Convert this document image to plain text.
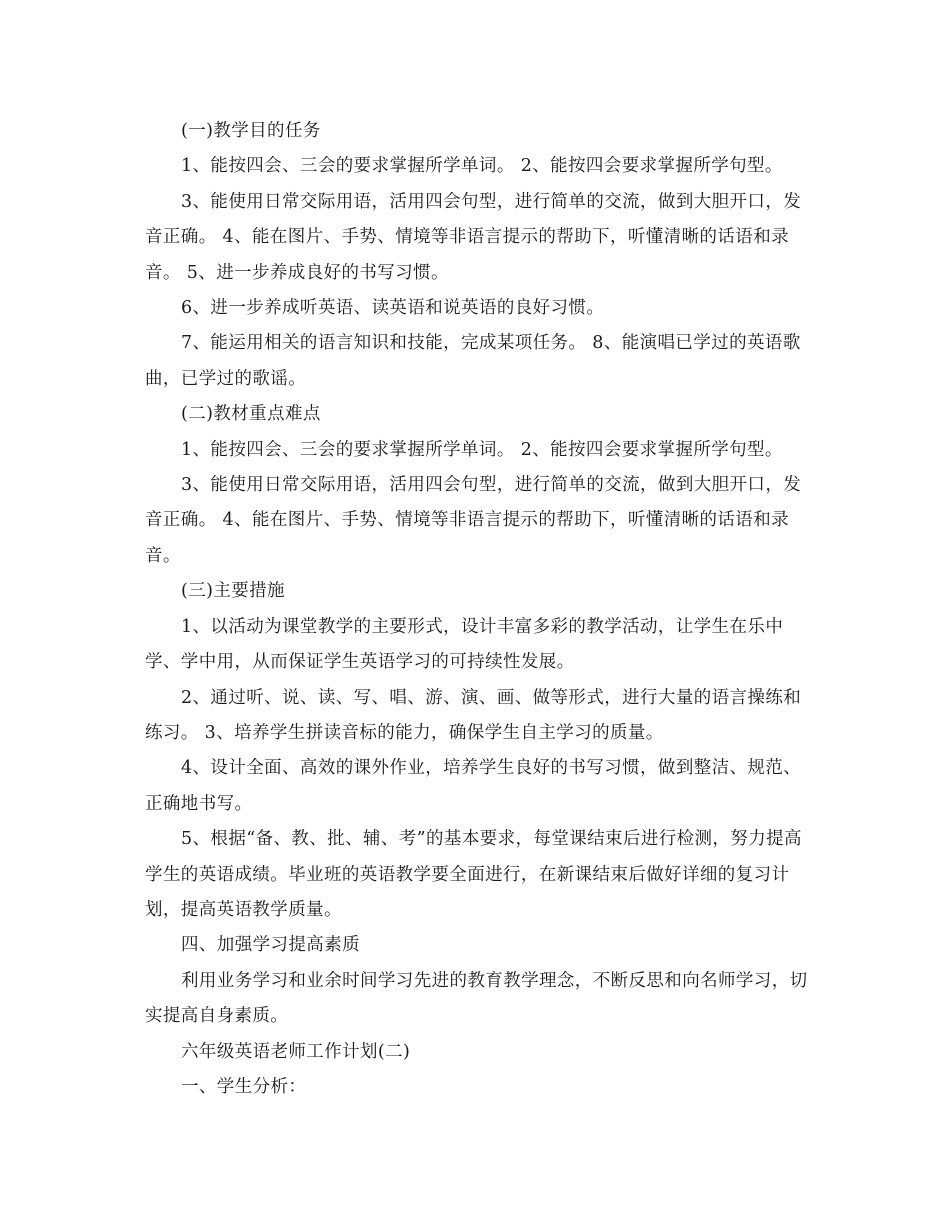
(一)教学目的任务

1、能按四会、三会的要求掌握所学单词。 2、能按四会要求掌握所学句型。

3、能使用日常交际用语，活用四会句型，进行简单的交流，做到大胆开口，发音正确。 4、能在图片、手势、情境等非语言提示的帮助下，听懂清晰的话语和录音。 5、进一步养成良好的书写习惯。

6、进一步养成听英语、读英语和说英语的良好习惯。

7、能运用相关的语言知识和技能，完成某项任务。 8、能演唱已学过的英语歌曲，已学过的歌谣。

(二)教材重点难点

1、能按四会、三会的要求掌握所学单词。 2、能按四会要求掌握所学句型。

3、能使用日常交际用语，活用四会句型，进行简单的交流，做到大胆开口，发音正确。 4、能在图片、手势、情境等非语言提示的帮助下，听懂清晰的话语和录音。

(三)主要措施

1、以活动为课堂教学的主要形式，设计丰富多彩的教学活动，让学生在乐中学、学中用，从而保证学生英语学习的可持续性发展。

2、通过听、说、读、写、唱、游、演、画、做等形式，进行大量的语言操练和练习。 3、培养学生拼读音标的能力，确保学生自主学习的质量。

4、设计全面、高效的课外作业，培养学生良好的书写习惯，做到整洁、规范、正确地书写。

5、根据“备、教、批、辅、考”的基本要求，每堂课结束后进行检测，努力提高学生的英语成绩。毕业班的英语教学要全面进行，在新课结束后做好详细的复习计划，提高英语教学质量。

四、加强学习提高素质

利用业务学习和业余时间学习先进的教育教学理念，不断反思和向名师学习，切实提高自身素质。

六年级英语老师工作计划(二)

一、学生分析：
